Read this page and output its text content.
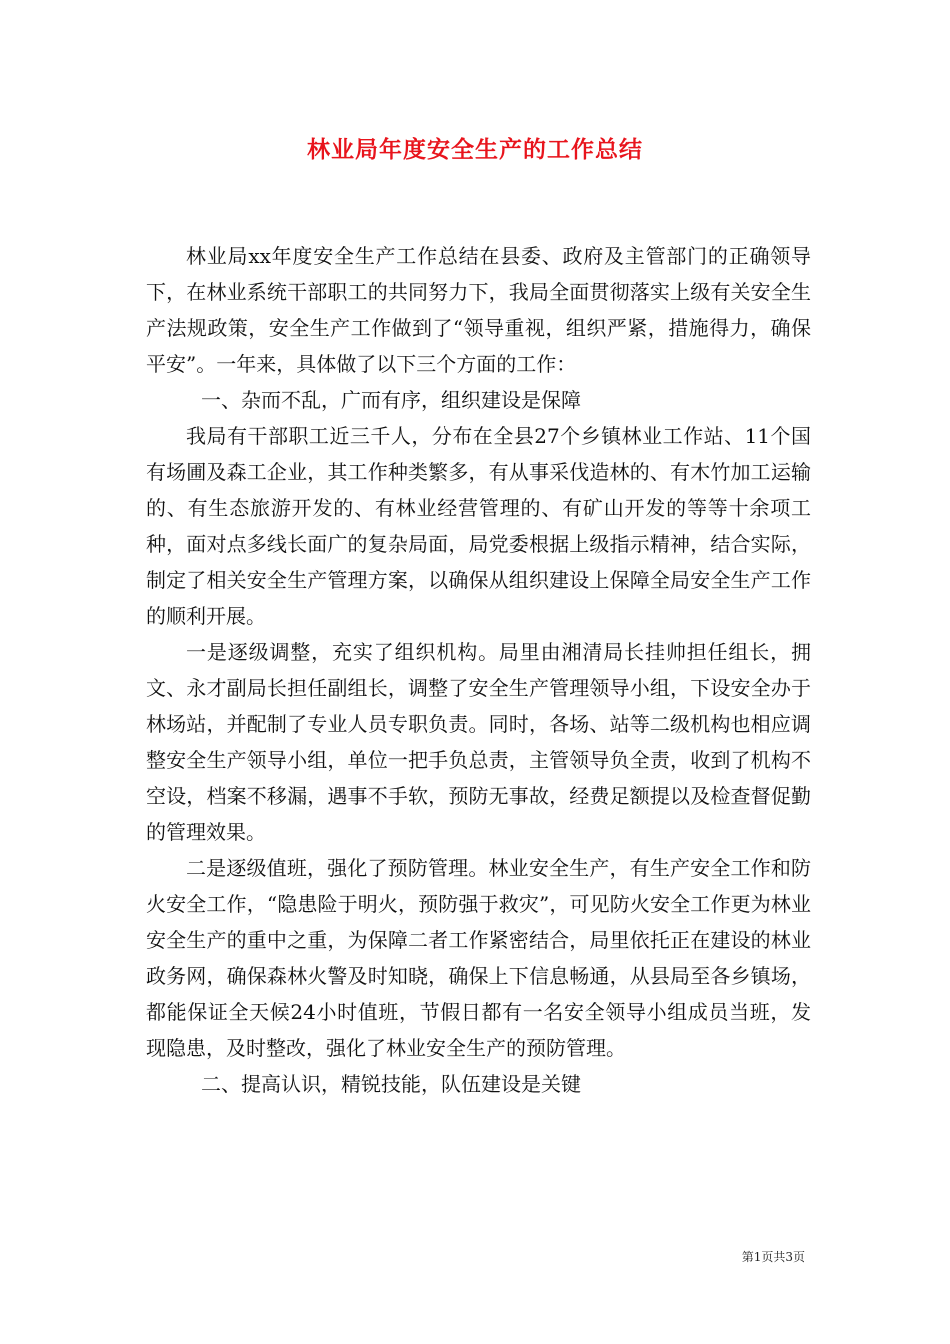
林业局年度安全生产的工作总结

林业局xx年度安全生产工作总结在县委、政府及主管部门的正确领导下，在林业系统干部职工的共同努力下，我局全面贯彻落实上级有关安全生产法规政策，安全生产工作做到了“领导重视，组织严紧，措施得力，确保平安”。一年来，具体做了以下三个方面的工作：

一、杂而不乱，广而有序，组织建设是保障

我局有干部职工近三千人，分布在全县27个乡镇林业工作站、11个国有场圃及森工企业，其工作种类繁多，有从事采伐造林的、有木竹加工运输的、有生态旅游开发的、有林业经营管理的、有矿山开发的等等十余项工种，面对点多线长面广的复杂局面，局党委根据上级指示精神，结合实际，制定了相关安全生产管理方案，以确保从组织建设上保障全局安全生产工作的顺利开展。

一是逐级调整，充实了组织机构。局里由湘清局长挂帅担任组长，拥文、永才副局长担任副组长，调整了安全生产管理领导小组，下设安全办于林场站，并配制了专业人员专职负责。同时，各场、站等二级机构也相应调整安全生产领导小组，单位一把手负总责，主管领导负全责，收到了机构不空设，档案不移漏，遇事不手软，预防无事故，经费足额提以及检查督促勤的管理效果。

二是逐级值班，强化了预防管理。林业安全生产，有生产安全工作和防火安全工作，“隐患险于明火，预防强于救灾”，可见防火安全工作更为林业安全生产的重中之重，为保障二者工作紧密结合，局里依托正在建设的林业政务网，确保森林火警及时知晓，确保上下信息畅通，从县局至各乡镇场，都能保证全天候24小时值班，节假日都有一名安全领导小组成员当班，发现隐患，及时整改，强化了林业安全生产的预防管理。

二、提高认识，精锐技能，队伍建设是关键

第1页共3页
